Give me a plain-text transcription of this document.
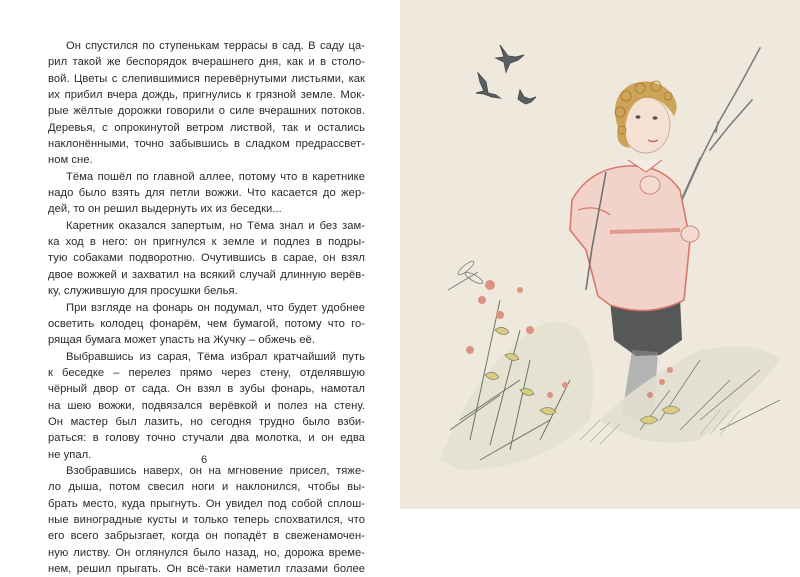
Он спустился по ступенькам террасы в сад. В саду ца-
рил такой же беспорядок вчерашнего дня, как и в столо-
вой. Цветы с слепившимися перевёрнутыми листьями, как
их прибил вчера дождь, пригнулись к грязной земле. Мок-
рые жёлтые дорожки говорили о силе вчерашних потоков.
Деревья, с опрокинутой ветром листвой, так и остались
наклонёнными, точно забывшись в сладком предрассвет-
ном сне.
Тёма пошёл по главной аллее, потому что в каретнике
надо было взять для петли вожжи. Что касается до жер-
дей, то он решил выдернуть их из беседки...
Каретник оказался запертым, но Тёма знал и без зам-
ка ход в него: он пригнулся к земле и подлез в подры-
тую собаками подворотню. Очутившись в сарае, он взял
двое вожжей и захватил на всякий случай длинную верёв-
ку, служившую для просушки белья.
При взгляде на фонарь он подумал, что будет удобнее
осветить колодец фонарём, чем бумагой, потому что го-
рящая бумага может упасть на Жучку – обжечь её.
Выбравшись из сарая, Тёма избрал кратчайший путь
к беседке – перелез прямо через стену, отделявшую
чёрный двор от сада. Он взял в зубы фонарь, намотал
на шею вожжи, подвязался верёвкой и полез на стену.
Он мастер был лазить, но сегодня трудно было взби-
раться: в голову точно стучали два молотка, и он едва
не упал.
Взобравшись наверх, он на мгновение присел, тяже-
ло дыша, потом свесил ноги и наклонился, чтобы вы-
брать место, куда прыгнуть. Он увидел под собой сплош-
ные виноградные кусты и только теперь спохватился, что
его всего забрызгает, когда он попадёт в свеженамочен-
ную листву. Он оглянулся было назад, но, дорожа време-
нем, решил прыгать. Он всё-таки наметил глазами более
6
